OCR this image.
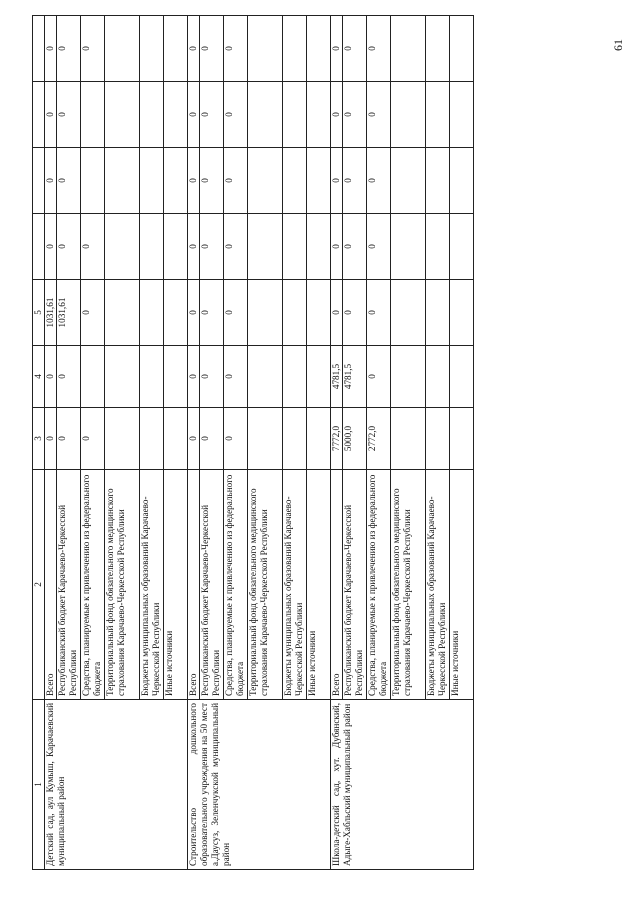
61
1	2	3	4	5				
Детский сад, аул Кумыш, Карачаевский муниципальный район	Всего	0	0	1031,61	0	0	0	0
	Республиканский бюджет Карачаево-Черкесской Республики	0	0	1031,61	0	0	0	0
	Средства, планируемые к привлечению из федерального бюджета	0		0	0			0
	Территориальный фонд обязательного медицинского страхования Карачаево-Черкесской Республики							
	Бюджеты муниципальных образований Карачаево-Черкесской Республики							
	Иные источники							
Строительство дошкольного образовательного учреждения на 50 мест а.Даусуз, Зеленчукской муниципальный район	Всего	0	0	0	0	0	0	0
	Республиканский бюджет Карачаево-Черкесской Республики	0	0	0	0	0	0	0
	Средства, планируемые к привлечению из федерального бюджета	0	0	0	0	0	0	0
	Территориальный фонд обязательного медицинского страхования Карачаево-Черкесской Республики							
	Бюджеты муниципальных образований Карачаево-Черкесской Республики							
	Иные источники							
Школа-детский сад, хут. Дубянский, Адыге-Хабльский муниципальный район	Всего	7772,0	4781,5	0	0	0	0	0
	Республиканский бюджет Карачаево-Черкесской Республики	5000,0	4781,5	0	0	0	0	0
	Средства, планируемые к привлечению из федерального бюджета	2772,0	0	0	0	0	0	0
	Территориальный фонд обязательного медицинского страхования Карачаево-Черкесской Республики							
	Бюджеты муниципальных образований Карачаево-Черкесской Республики							
	Иные источники							
